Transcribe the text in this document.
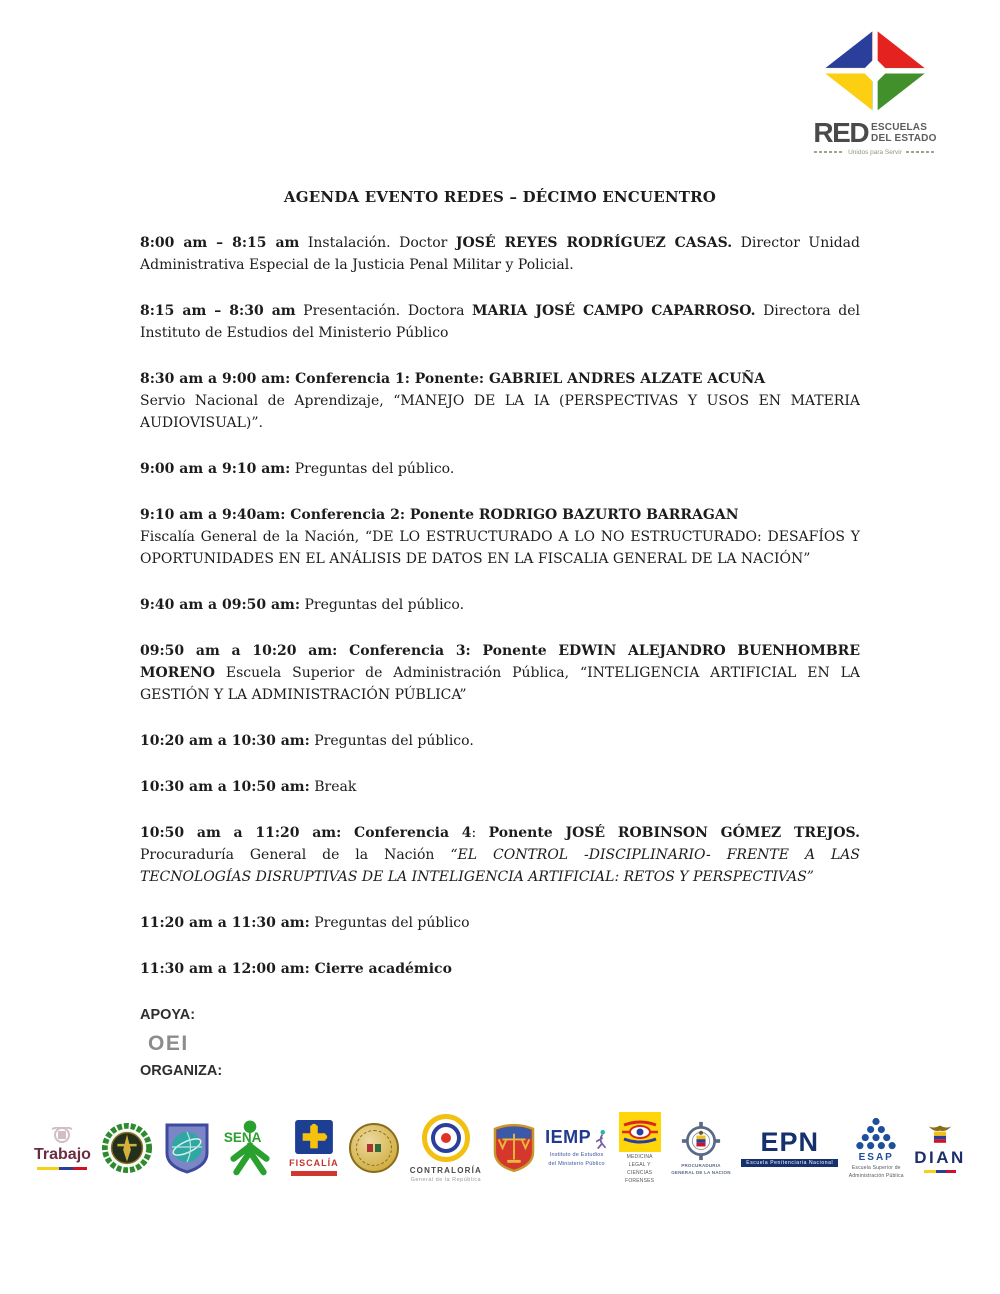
RED ESCUELAS
DEL ESTADO
Unidos para Servir
AGENDA EVENTO REDES – DÉCIMO ENCUENTRO

8:00 am – 8:15 am Instalación. Doctor JOSÉ REYES RODRÍGUEZ CASAS. Director Unidad Administrativa Especial de la Justicia Penal Militar y Policial.

8:15 am – 8:30 am Presentación. Doctora MARIA JOSÉ CAMPO CAPARROSO. Directora del Instituto de Estudios del Ministerio Público

8:30 am a 9:00 am: Conferencia 1: Ponente: GABRIEL ANDRES ALZATE ACUÑA
Servio Nacional de Aprendizaje, “MANEJO DE LA IA (PERSPECTIVAS Y USOS EN MATERIA AUDIOVISUAL)”.

9:00 am a 9:10 am: Preguntas del público.

9:10 am a 9:40am: Conferencia 2: Ponente RODRIGO BAZURTO BARRAGAN
Fiscalía General de la Nación, “DE LO ESTRUCTURADO A LO NO ESTRUCTURADO: DESAFÍOS Y OPORTUNIDADES EN EL ANÁLISIS DE DATOS EN LA FISCALIA GENERAL DE LA NACIÓN”

9:40 am a 09:50 am: Preguntas del público.

09:50 am a 10:20 am: Conferencia 3: Ponente EDWIN ALEJANDRO BUENHOMBRE MORENO Escuela Superior de Administración Pública, “INTELIGENCIA ARTIFICIAL EN LA GESTIÓN Y LA ADMINISTRACIÓN PÚBLICA”

10:20 am a 10:30 am: Preguntas del público.

10:30 am a 10:50 am: Break

10:50 am a 11:20 am: Conferencia 4: Ponente JOSÉ ROBINSON GÓMEZ TREJOS. Procuraduría General de la Nación “EL CONTROL -DISCIPLINARIO- FRENTE A LAS TECNOLOGÍAS DISRUPTIVAS DE LA INTELIGENCIA ARTIFICIAL: RETOS Y PERSPECTIVAS”

11:20 am a 11:30 am: Preguntas del público

11:30 am a 12:00 am: Cierre académico

APOYA:
OEI
ORGANIZA:
Trabajo
SENA
FISCALÍA
CONTRALORÍA
General de la República
IEMP
Instituto de Estudios
del Ministerio Público
MEDICINA
LEGAL Y
CIENCIAS
FORENSES
PROCURADURIA
GENERAL DE LA NACION
EPN
Escuela Penitenciaria Nacional	ESAP
Escuela Superior de
Administración Pública
DIAN
